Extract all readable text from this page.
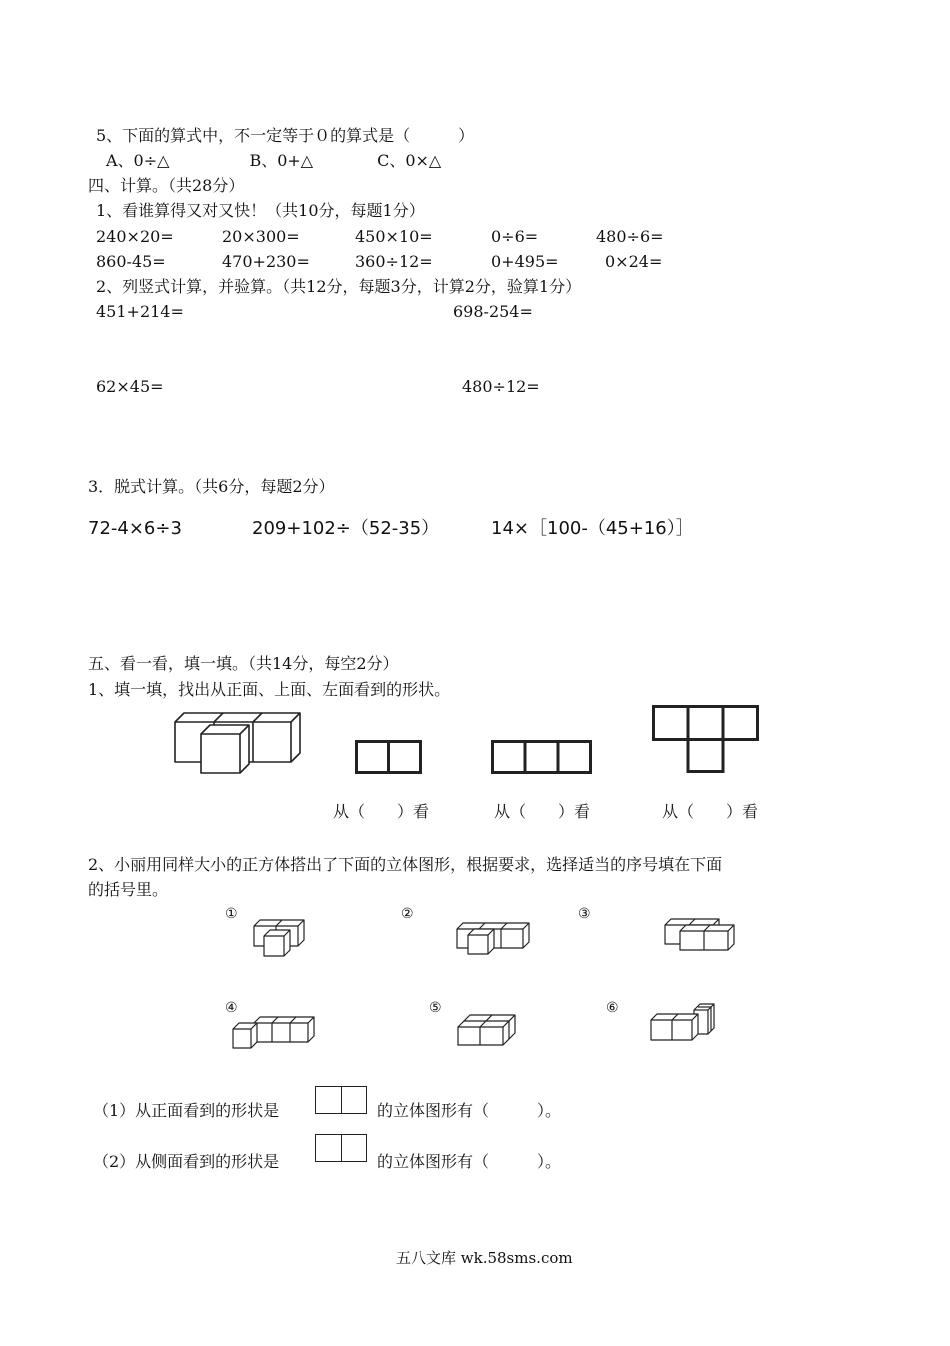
5、下面的算式中，不一定等于０的算式是（　　　）
A、0÷△　　　　　B、0+△　　　　C、0×△
四、计算。（共28分）
1、看谁算得又对又快！（共10分，每题1分）
240×20=	20×300=	450×10=	0÷6=	480÷6=
860-45=	470+230=	360÷12=	0+495=	0×24=
2、列竖式计算，并验算。（共12分，每题3分，计算2分，验算1分）
451+214=	698-254=
62×45=	480÷12=
3．脱式计算。（共6分，每题2分）
72-4×6÷3	209+102÷（52-35）	14×［100-（45+16）］
五、看一看，填一填。（共14分，每空2分）
1、填一填，找出从正面、上面、左面看到的形状。
从（　　）看	从（　　）看	从（　　）看
2、小丽用同样大小的正方体搭出了下面的立体图形，根据要求，选择适当的序号填在下面
的括号里。
①	②	③
④	⑤	⑥
（1）从正面看到的形状是	的立体图形有（　　　）。
（2）从侧面看到的形状是	的立体图形有（　　　）。
五八文库 wk.58sms.com
